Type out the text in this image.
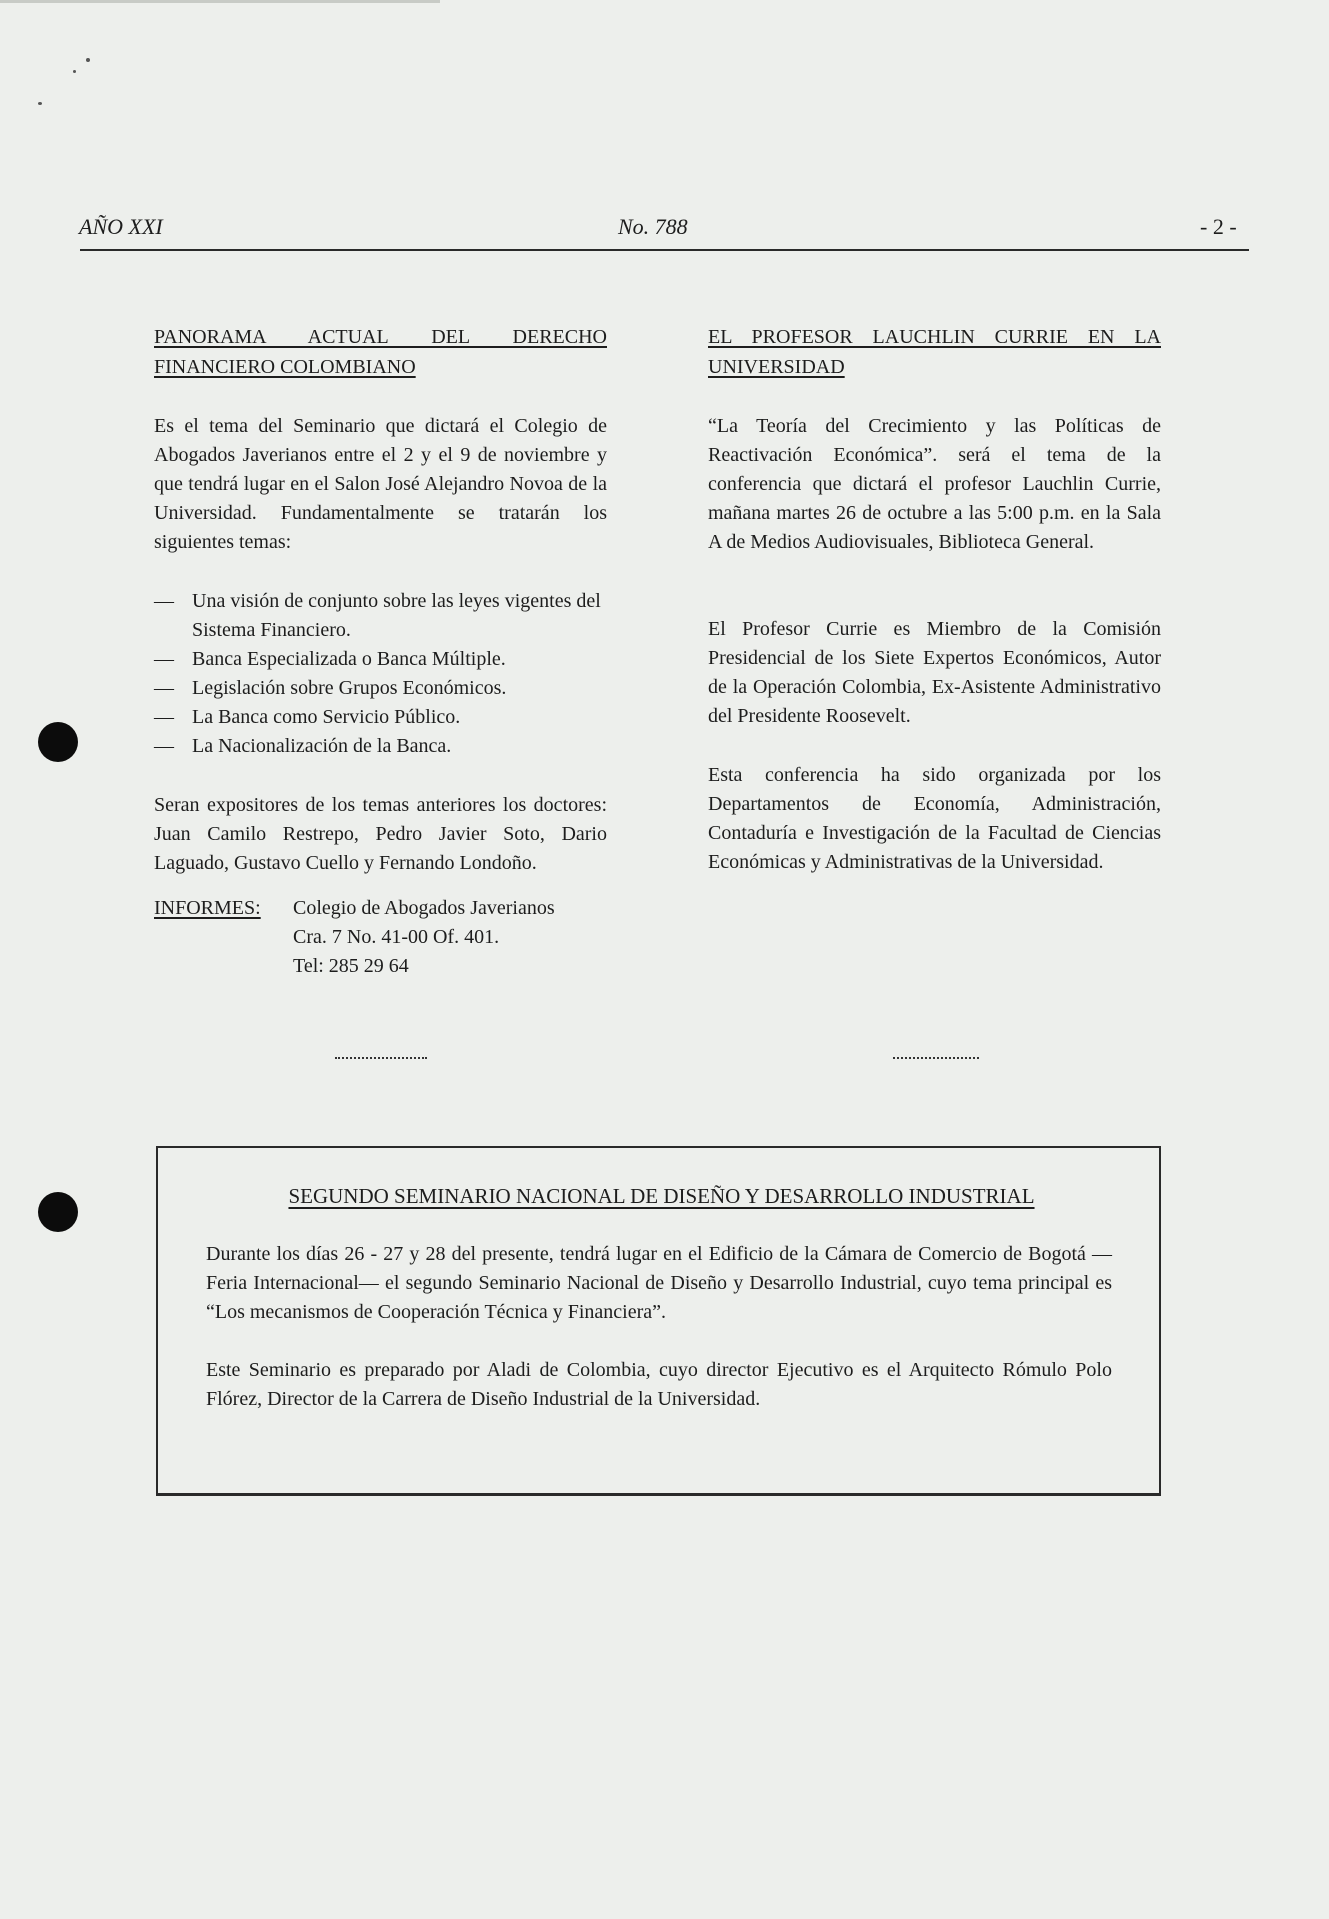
AÑO XXI	No. 788	- 2 -
PANORAMA ACTUAL DEL DERECHO

FINANCIERO COLOMBIANO

Es el tema del Seminario que dictará el Colegio de Abogados Javerianos entre el 2 y el 9 de noviembre y que tendrá lugar en el Salon José Alejandro Novoa de la Universidad. Fundamentalmente se tratarán los siguientes temas:

— Una visión de conjunto sobre las leyes vigentes del Sistema Financiero.
— Banca Especializada o Banca Múltiple.
— Legislación sobre Grupos Económicos.
— La Banca como Servicio Público.
— La Nacionalización de la Banca.

Seran expositores de los temas anteriores los doctores: Juan Camilo Restrepo, Pedro Javier Soto, Dario Laguado, Gustavo Cuello y Fernando Londoño.

INFORMES:	Colegio de Abogados Javerianos
Cra. 7 No. 41-00 Of. 401.
Tel: 285 29 64
EL PROFESOR LAUCHLIN CURRIE EN LA

UNIVERSIDAD

“La Teoría del Crecimiento y las Políticas de Reactivación Económica”. será el tema de la conferencia que dictará el profesor Lauchlin Currie, mañana martes 26 de octubre a las 5:00 p.m. en la Sala A de Medios Audiovisuales, Biblioteca General.

El Profesor Currie es Miembro de la Comisión Presidencial de los Siete Expertos Económicos, Autor de la Operación Colombia, Ex-Asistente Administrativo del Presidente Roosevelt.

Esta conferencia ha sido organizada por los Departamentos de Economía, Administración, Contaduría e Investigación de la Facultad de Ciencias Económicas y Administrativas de la Universidad.

SEGUNDO SEMINARIO NACIONAL DE DISEÑO Y DESARROLLO INDUSTRIAL

Durante los días 26 - 27 y 28 del presente, tendrá lugar en el Edificio de la Cámara de Comercio de Bogotá —Feria Internacional— el segundo Seminario Nacional de Diseño y Desarrollo Industrial, cuyo tema principal es “Los mecanismos de Cooperación Técnica y Financiera”.

Este Seminario es preparado por Aladi de Colombia, cuyo director Ejecutivo es el Arquitecto Rómulo Polo Flórez, Director de la Carrera de Diseño Industrial de la Universidad.
